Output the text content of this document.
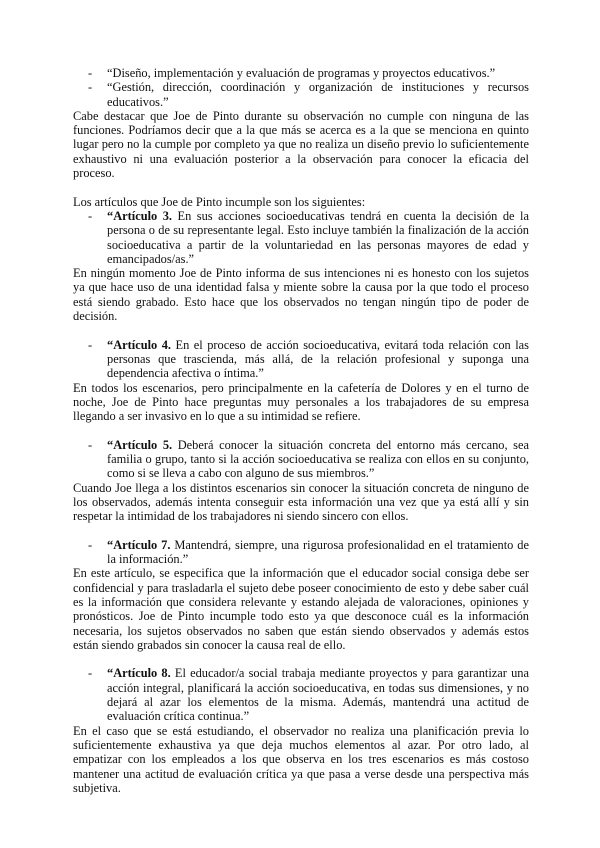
- “Diseño, implementación y evaluación de programas y proyectos educativos.”
- “Gestión, dirección, coordinación y organización de instituciones y recursos educativos.”

Cabe destacar que Joe de Pinto durante su observación no cumple con ninguna de las funciones. Podríamos decir que a la que más se acerca es a la que se menciona en quinto lugar pero no la cumple por completo ya que no realiza un diseño previo lo suficientemente exhaustivo ni una evaluación posterior a la observación para conocer la eficacia del proceso.

Los artículos que Joe de Pinto incumple son los siguientes:

- “Artículo 3. En sus acciones socioeducativas tendrá en cuenta la decisión de la persona o de su representante legal. Esto incluye también la finalización de la acción socioeducativa a partir de la voluntariedad en las personas mayores de edad y emancipados/as.”

En ningún momento Joe de Pinto informa de sus intenciones ni es honesto con los sujetos ya que hace uso de una identidad falsa y miente sobre la causa por la que todo el proceso está siendo grabado. Esto hace que los observados no tengan ningún tipo de poder de decisión.

- “Artículo 4. En el proceso de acción socioeducativa, evitará toda relación con las personas que trascienda, más allá, de la relación profesional y suponga una dependencia afectiva o íntima.”

En todos los escenarios, pero principalmente en la cafetería de Dolores y en el turno de noche, Joe de Pinto hace preguntas muy personales a los trabajadores de su empresa llegando a ser invasivo en lo que a su intimidad se refiere.

- “Artículo 5. Deberá conocer la situación concreta del entorno más cercano, sea familia o grupo, tanto si la acción socioeducativa se realiza con ellos en su conjunto, como si se lleva a cabo con alguno de sus miembros.”

Cuando Joe llega a los distintos escenarios sin conocer la situación concreta de ninguno de los observados, además intenta conseguir esta información una vez que ya está allí y sin respetar la intimidad de los trabajadores ni siendo sincero con ellos.

- “Artículo 7. Mantendrá, siempre, una rigurosa profesionalidad en el tratamiento de la información.”

En este artículo, se especifica que la información que el educador social consiga debe ser confidencial y para trasladarla el sujeto debe poseer conocimiento de esto y debe saber cuál es la información que considera relevante y estando alejada de valoraciones, opiniones y pronósticos. Joe de Pinto incumple todo esto ya que desconoce cuál es la información necesaria, los sujetos observados no saben que están siendo observados y además estos están siendo grabados sin conocer la causa real de ello.

- “Artículo 8. El educador/a social trabaja mediante proyectos y para garantizar una acción integral, planificará la acción socioeducativa, en todas sus dimensiones, y no dejará al azar los elementos de la misma. Además, mantendrá una actitud de evaluación crítica continua.”

En el caso que se está estudiando, el observador no realiza una planificación previa lo suficientemente exhaustiva ya que deja muchos elementos al azar. Por otro lado, al empatizar con los empleados a los que observa en los tres escenarios es más costoso mantener una actitud de evaluación crítica ya que pasa a verse desde una perspectiva más subjetiva.
